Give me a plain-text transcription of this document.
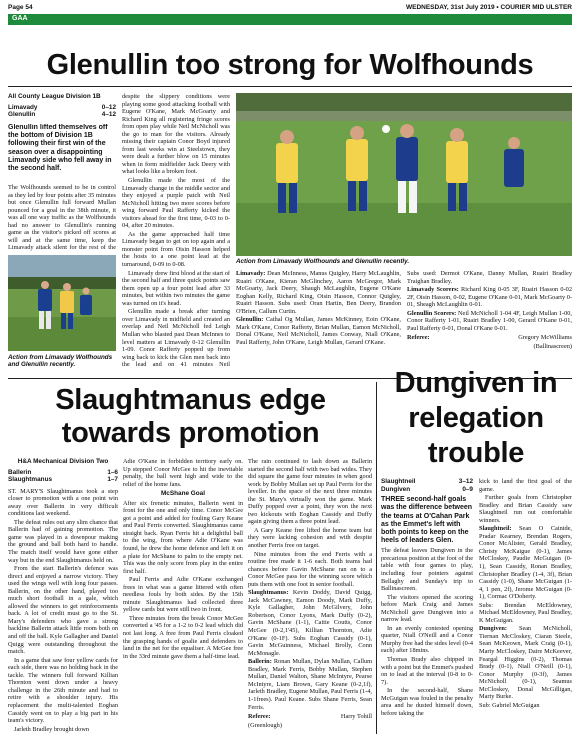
Page 54	WEDNESDAY, 31st July 2019 • COURIER MID ULSTER
GAA
Glenullin too strong for Wolfhounds
All County League Division 1B
Limavady	0–12
Glenullin	4–12
Glenullin lifted themselves off the bottom of Division 1B following their first win of the season over a disappointing Limavady side who fell away in the second half.

The Wolfhounds seemed to be in control as they led by four points after 35 minutes but once Glenullin full forward Mullan pounced for a goal in the 38th minute, it was all one way traffic as the Wolfhounds had no answer to Glenullin's running game as the visitor's picked off scores at will and at the same time, keep the Limavady attack silent for the rest of the

Action from Limavady Wolfhounds and Glenullin recently.

despite the slippery conditions were playing some good attacking football with Eugene O'Kane, Mark McGoarty and Richard King all registering fringe scores from open play while Neil McNicholl was the go to man for the visitors. Already missing their captain Conor Boyd injured from last weeks win at Steelstown, they were dealt a further blow on 15 minutes when in form midfielder Jack Deery with what looks like a broken foot.

Glenullin made the most of the Limavady change in the middle sector and they enjoyed a purple patch with Neil McNicholl hitting two more scores before wing forward Paul Rafferty kicked the visitors ahead for the first time, 0-03 to 0-04, after 20 minutes.

As the game approached half time Limavady began to get on top again and a monster point from Oisin Hasson helped the hosts to a one point lead at the turnaround, 0-09 to 0-08.

Limavady drew first blood at the start of the second half and three quick points saw them open up a four point lead after 33 minutes, but within two minutes the game was turned on it's head.

Glenullin made a break after turning over Limavady in midfield and created an overlap and Neil McNicholl fed Leigh Mullan who blasted past Dean McInnes to level matters at Limavady 0-12 Glenullin 1-09. Conor Rafferty popped up from wing back to kick the Glen men back into the lead and on 41 minutes Neil

Action from Limavady Wolfhounds and Glenullin recently.

Limavady: Dean McInness, Manus Quigley, Harry McLaughlin, Ruairi O'Kane, Kieran McGlinchey, Aaron McGregor, Mark McGoarty, Jack Deery, Shaugh McLaughlin, Eugene O'Kane Eoghan Kelly, Richard King, Oisin Hasson, Connor Quigley, Ruairi Hasson. Subs used: Oran Hartin, Ben Deery, Brandon O'Brien, Callum Curtin.

Glenullin: Cathal Og Mullan, James McKinney, Eoin O'Kane, Mark O'Kane, Conor Rafferty, Brian Mullan, Eamon McNicholl, Donal O'Kane, Neil McNicholl, James Conway, Niall O'Kane, Paul Rafferty, John O'Kane, Leigh Mullan, Gerard O'Kane.

Subs used: Dermot O'Kane, Danny Mullan, Ruairi Bradley Traighan Bradley.

Limavady Scorers: Richard King 0-05 3F, Ruairi Hasson 0-02 2F, Oisin Hasson, 0-02, Eugene O'Kane 0-01, Mark McGoarty 0-01, Sheagh McLaughlin 0-01.

Glenullin Scorers: Neil McNicholl 1-04 4F, Leigh Mullan 1-00, Conor Rafferty 1-01, Ruairi Bradley 1-00, Gerard O'Kane 0-01, Paul Rafferty 0-01, Donal O'Kane 0-01.

Referee:	Gregory McWilliams

(Ballinascreen)

Slaughtmanus edge towards promotion
H&A Mechanical Division Two
Ballerin	1–6
Slaughtmanus	1–7

ST. MARY'S Slaughtmanus took a step closer to promotion with a one point win away over Ballerin in very difficult conditions last weekend.

The defeat rules out any slim chance that Ballerin had of gaining promotion. The game was played in a downpour making the ground and ball both hard to handle. The match itself would have gone either way but in the end Slaughtmanus held on.

From the start Ballerin's defence was direct and enjoyed a narrow victory. They used the wings well with long four passes. Ballerin, on the other hand, played too much short football in a gale, which allowed the winners to get reinforcements back. A lot of credit must go to the St. Mary's defenders who gave a strong backline Ballerin attack little room both on and off the ball. Kyle Gallagher and Daniel Quigg were outstanding throughout the match.

In a game that saw four yellow cards for each side, there was no holding back in the tackle. The winners full forward Killian Thornton went down under a heavy challenge in the 26th minute and had to retire with a shoulder injury. His replacement the multi-talented Eoghan Cassidy went on to play a big part in his team's victory.

Jarleth Bradley brought down

Adie O'Kane in forbidden territory early on. Up stepped Conor McGee to hit the inevitable penalty, the ball went high and wide to the relief of the home fans.

McShane Goal

After six frenetic minutes, Ballerin went in front for the one and only time. Conor McGee got a point and added for fouling Gary Keane and Paul Ferris converted. Slaughtmanus came straight back. Ryan Ferris hit a delightful ball to the wing, from where Adie O'Kane was found, he drew the home defence and left it on a plate for McShane to palm to the empty net. This was the only score from play in the entire first half.

Paul Ferris and Adie O'Kane exchanged frees in what was a game littered with often needless fouls by both sides. By the 15th minute Slaughtmanus had collected three yellow cards but were still two in front.

Three minutes from the break Conor McGee converted a '45 for a 1-2 to 0-2 lead which did not last long. A free from Paul Ferris cloaked the grasping hands of goalie and defenders to land in the net for the equaliser. A McGee free in the 33rd minute gave them a half-time lead.

The rain continued to lash down as Ballerin started the second half with two bad wides. They did square the game four minutes in when good work by Bobby Mullan set up Paul Ferris for the leveller. In the space of the next three minutes the St. Mary's virtually won the game. Mark Duffy popped over a point, they won the next two kickouts with Eoghan Cassidy and Duffy again giving them a three point lead.

A Gary Keane free lifted the home team but they were lacking cohesion and with despite another Ferris free on target.

Nine minutes from the end Ferris with a routine free made it 1-6 each. Both teams had chances before Gavin McShane ran on to a Conor McGee pass for the winning score which puts them with one foot in senior football.

Slaughtmanus: Kevin Doddy, David Quigg, Jack McCawney, Eamon Doody, Mark Duffy, Kyle Gallagher, John McGilvery, John Robertson, Conor Lyons, Mark Duffy (0-2), Gavin McShane (1-1), Caitie Coutts, Conor McGee (0-2,1'45), Killian Thornton, Adie O'Kane (0-1F). Subs Eoghan Cassidy (0-1), Gavin McGuinness, Michael Brolly, Conn McMonagle.

Ballerin: Ronan Mullan, Dylan Mullan, Callum Bradley, Mark Ferris, Bobby Mullan, Stephen Mullan, Daniel Walton, Shane McIntyre, Pearse McIntyre, Liam Brown, Gary Keane (0-2,1f), Jarleth Bradley, Eugene Mullan, Paul Ferris (1-4, 1-1frees). Paul Keane. Subs Shane Ferris, Sean Ferris.

Referee:	Harry Tohill

(Greenlough)

Dungiven in relegation trouble
Slaughtneil	3–12
Dungiven	0–9
THREE second-half goals was the difference between the teams at O'Cahan Park as the Emmet's left with both points to keep on the heels of leaders Glen.

The defeat leaves Dungiven in the precarious position at the foot of the table with four games to play, including four pointers against Bellaghy and Sunday's trip to Ballinascreen.

The visitors opened the scoring before Mark Craig and James McNicholl gave Dungiven into a narrow lead.

In an evenly contested opening quarter, Niall O'Neill and a Conor Murphy free had the sides level (0-4 each) after 18mins.

Thomas Brady also chipped in with a point but the Emmet's pushed on to lead at the interval (0-8 to 0-7).

In the second-half, Shane McGuigan was fouled in the penalty area and he dusted himself down, before taking the

kick to land the first goal of the game.

Further goals from Christopher Bradley and Brian Cassidy saw Slaughtneil run out comfortable winners.

Slaughtneil: Sean O Cainide, Pradar Kearney, Brendan Rogers, Conor McAlister, Gerald Bradley, Christy McKaigue (0-1), James McCloskey, Paudie McGuigan (0-1), Sean Cassidy, Ronan Bradley, Christopher Bradley (1-4, 3f), Brian Cassidy (1-0), Shane McGuigan (1-4, 1 pen, 2f), Jerome McGuigan (0-1), Cormac O'Doherty.

Subs: Brendan McEldowney, Michael McEldowney, Paul Bradley, K McGuigan.

Dungiven: Sean McNicholl, Tiernan McCloskey, Ciaran Steele, Sean McKeown, Mark Craig (0-1), Marty McCloskey, Daire McKeever, Feargal Higgins (0-2), Thomas Brady (0-1), Niall O'Neill (0-1), Conor Murphy (0-3f), James McNicholl (0-1), Seamus McCloskey, Donal McGilligan, Marty Burke.

Sub: Gabriel McGuigan
